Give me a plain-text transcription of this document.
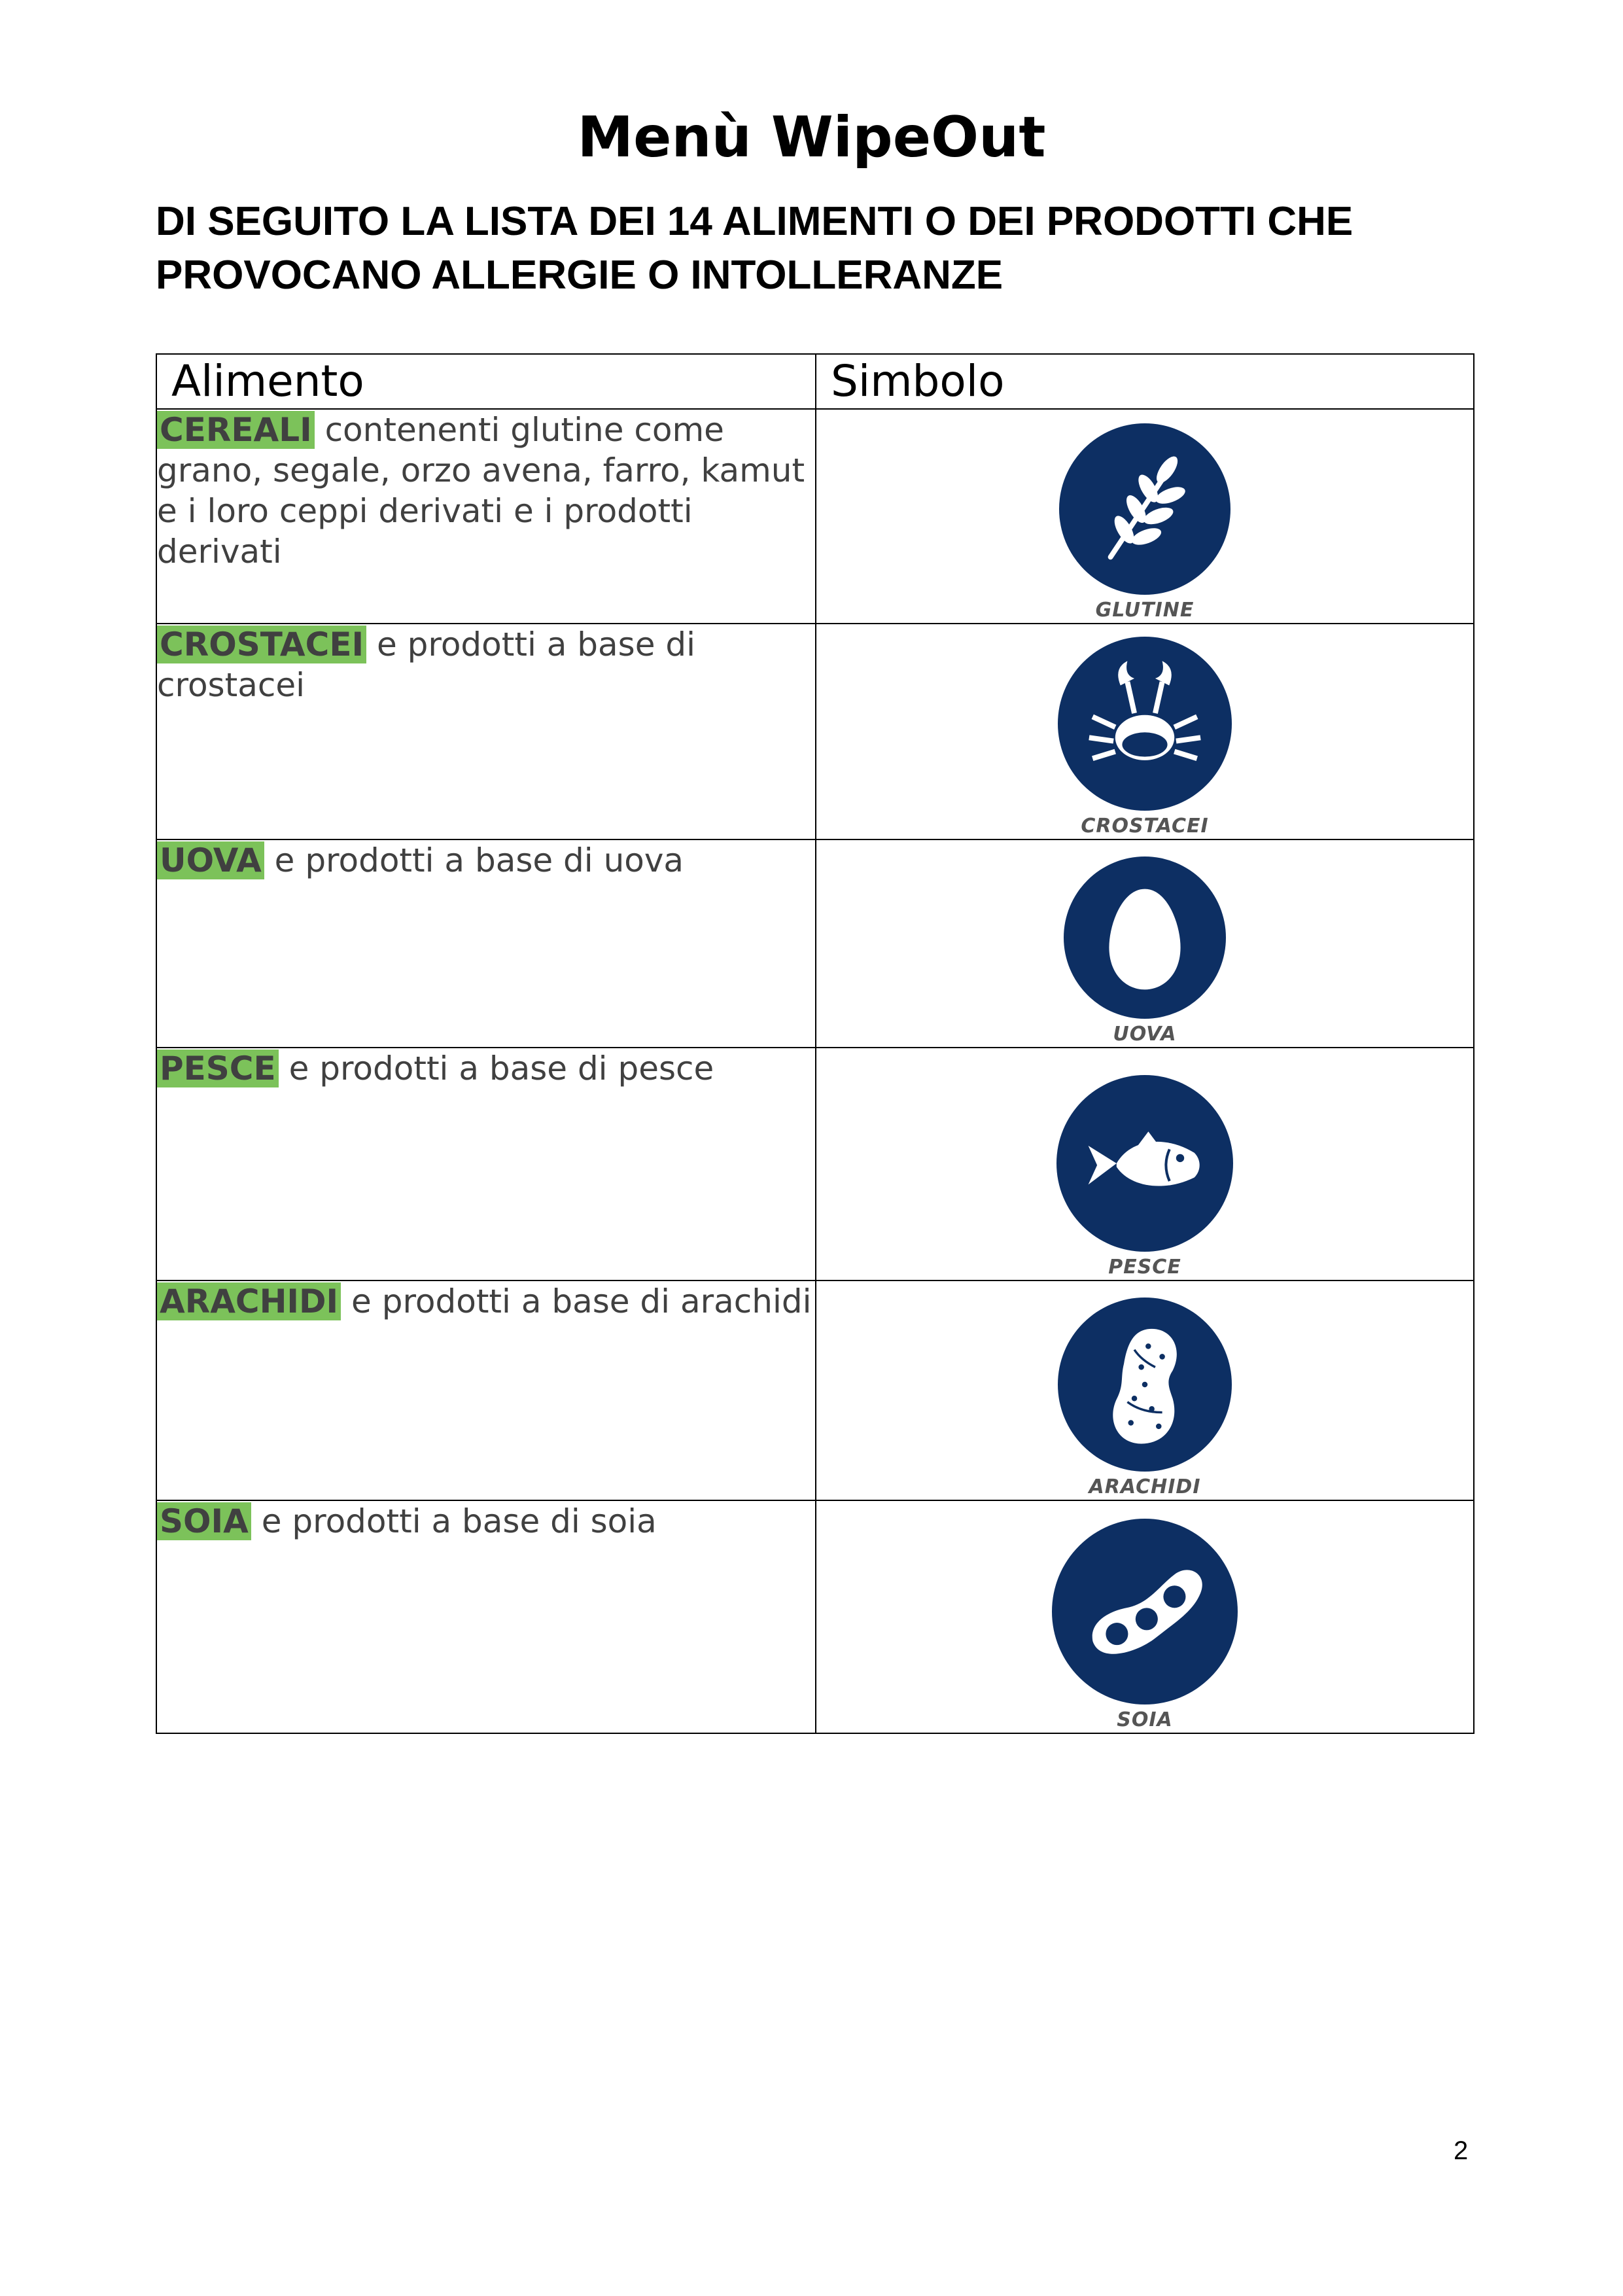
Menù WipeOut
DI SEGUITO LA LISTA DEI 14 ALIMENTI O DEI PRODOTTI CHE
PROVOCANO ALLERGIE O INTOLLERANZE
Alimento	Simbolo
CEREALI contenenti glutine come grano, segale, orzo avena, farro, kamut e i loro ceppi derivati e i prodotti derivati	GLUTINE

CROSTACEI e prodotti a base di crostacei	CROSTACEI

UOVA e prodotti a base di uova	UOVA

PESCE e prodotti a base di pesce	PESCE

ARACHIDI e prodotti a base di arachidi	ARACHIDI

SOIA e prodotti a base di soia	SOIA
2
